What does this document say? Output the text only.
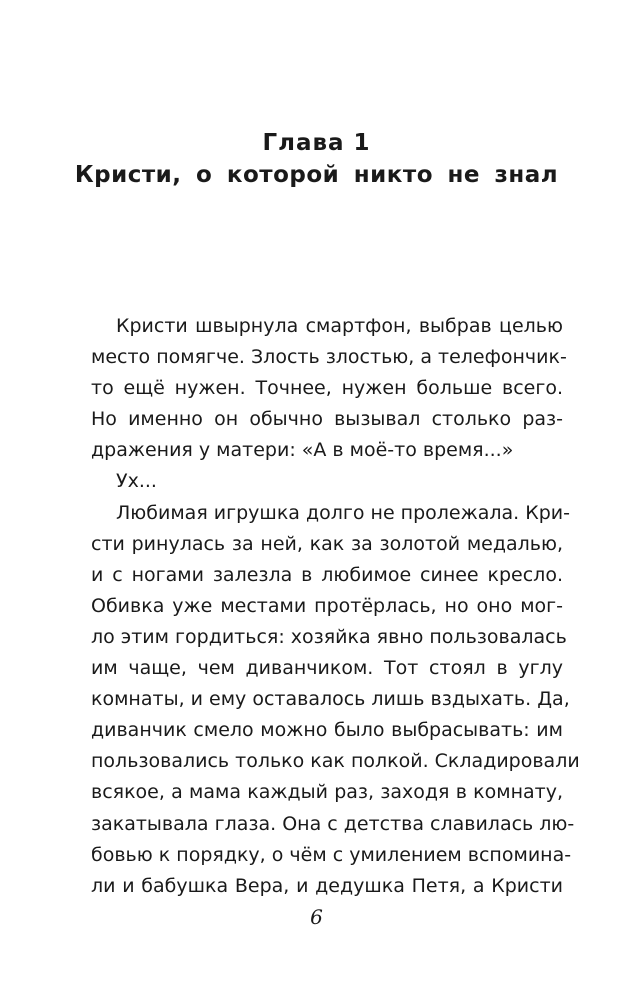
Глава 1
Кристи, о которой никто не знал
Кристи швырнула смартфон, выбрав целью
место помягче. Злость злостью, а телефончик-
то ещё нужен. Точнее, нужен больше всего.
Но именно он обычно вызывал столько раз-
дражения у матери: «А в моё-то время...»
Ух...
Любимая игрушка долго не пролежала. Кри-
сти ринулась за ней, как за золотой медалью,
и с ногами залезла в любимое синее кресло.
Обивка уже местами протёрлась, но оно мог-
ло этим гордиться: хозяйка явно пользовалась
им чаще, чем диванчиком. Тот стоял в углу
комнаты, и ему оставалось лишь вздыхать. Да,
диванчик смело можно было выбрасывать: им
пользовались только как полкой. Складировали
всякое, а мама каждый раз, заходя в комнату,
закатывала глаза. Она с детства славилась лю-
бовью к порядку, о чём с умилением вспомина-
ли и бабушка Вера, и дедушка Петя, а Кристи
6
